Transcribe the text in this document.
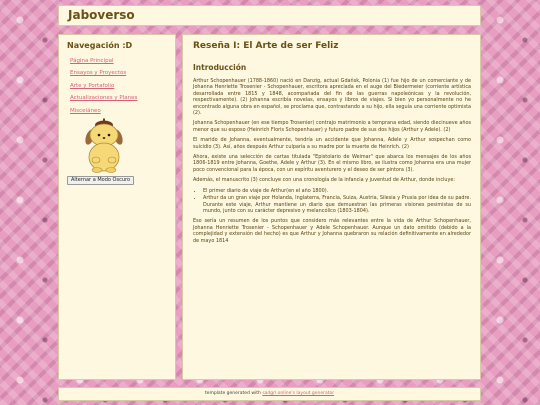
Jaboverso
Navegación :D
Página Principal
Ensayos y Proyectos
Arte y Portafolio
Actualizaciones y Planes
Misceláneo
Alternar a Modo Oscuro
Reseña I: El Arte de ser Feliz
Introducción

Arthur Schopenhauer (1788-1860) nació en Danzig, actual Gdańsk, Polonia (1) fue hijo de un comerciante y de Johanna Henriette Trosenier - Schopenhauer, escritora apreciada en el auge del Biedermeier (corriente artística desarrollada entre 1815 y 1848, acompañada del fin de las guerras napoleónicas y la revolución, respectivamente). (2) Johanna escribía novelas, ensayos y libros de viajes. Si bien yo personalmente no he encontrado alguna obra en español, se proclama que, contrastando a su hijo, ella seguía una corriente optimista (2).

Johanna Schopenhauer (en ese tiempo Trosenier) contrajo matrimonio a temprana edad, siendo diecinueve años menor que su esposo (Heinrich Floris Schopenhauer) y futuro padre de sus dos hijos (Arthur y Adele). (2)

El marido de Johanna, eventualmente, tendría un accidente que Johanna, Adele y Arthur sospechan como suicidio (3). Así, años después Arthur culparía a su madre por la muerte de Heinrich. (2)

Ahora, existe una selección de cartas titulada "Epistolario de Weimar" que abarca los mensajes de los años 1806-1819 entre Johanna, Goethe, Adele y Arthur (3). En el mismo libro, se ilustra como Johanna era una mujer poco convencional para la época, con un espíritu aventurero y el deseo de ser pintora (3).

Además, el manuscrito (3) concluye con una cronología de la infancia y juventud de Arthur, donde incluye:

• El primer diario de viaje de Arthur(en el año 1800).
• Arthur da un gran viaje por Holanda, Inglaterra, Francia, Suiza, Austria, Silesia y Prusia por idea de su padre. Durante este viaje, Arthur mantiene un diario que demuestran las primeras visiones pesimistas de su mundo, junto con su carácter depresivo y melancólico (1803-1804).

Eso sería un resumen de los puntos que considero más relevantes entre la vida de Arthur Schopenhauer, Johanna Henriette Trosenier - Schopenhauer y Adele Schopenhauer. Aunque un dato omitido (debido a la complejidad y extensión del hecho) es que Arthur y Johanna quebraron su relación definitivamente en alrededor de mayo 1814

template generated with sadgrl.online's layout generator
